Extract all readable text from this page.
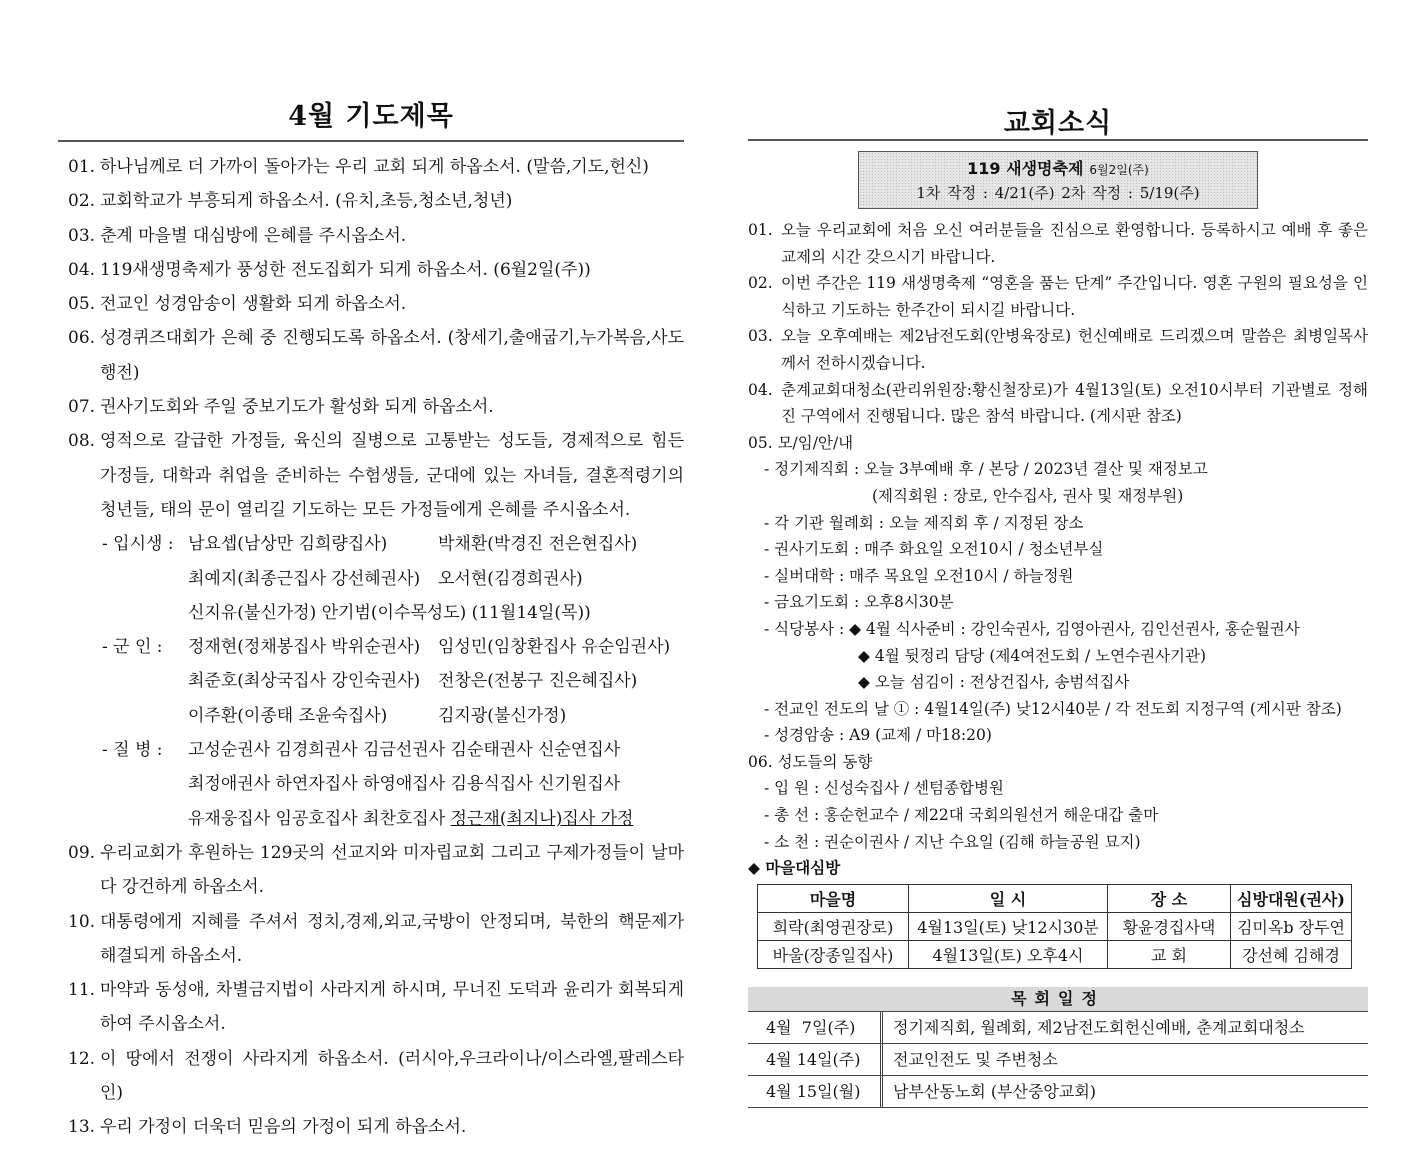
4월 기도제목
01. 하나님께로 더 가까이 돌아가는 우리 교회 되게 하옵소서. (말씀,기도,헌신)
02. 교회학교가 부흥되게 하옵소서. (유치,초등,청소년,청년)
03. 춘계 마을별 대심방에 은혜를 주시옵소서.
04. 119새생명축제가 풍성한 전도집회가 되게 하옵소서. (6월2일(주))
05. 전교인 성경암송이 생활화 되게 하옵소서.
06. 성경퀴즈대회가 은혜 중 진행되도록 하옵소서. (창세기,출애굽기,누가복음,사도행전)
07. 권사기도회와 주일 중보기도가 활성화 되게 하옵소서.
08. 영적으로 갈급한 가정들, 육신의 질병으로 고통받는 성도들, 경제적으로 힘든 가정들, 대학과 취업을 준비하는 수험생들, 군대에 있는 자녀들, 결혼적령기의 청년들, 태의 문이 열리길 기도하는 모든 가정들에게 은혜를 주시옵소서.
- 입시생 : 남요셉(남상만 김희량집사)	박채환(박경진 전은현집사)
최예지(최종근집사 강선혜권사)	오서현(김경희권사)
신지유(불신가정) 안기범(이수목성도) (11월14일(목))
- 군 인 :	정재현(정채봉집사 박위순권사)	임성민(임창환집사 유순임권사)
최준호(최상국집사 강인숙권사)	전창은(전봉구 진은혜집사)
이주환(이종태 조윤숙집사)	김지광(불신가정)
- 질 병 :	고성순권사 김경희권사 김금선권사 김순태권사 신순연집사
최정애권사 하연자집사 하영애집사 김용식집사 신기원집사
유재웅집사 임공호집사 최찬호집사 정근재(최지나)집사 가정
09. 우리교회가 후원하는 129곳의 선교지와 미자립교회 그리고 구제가정들이 날마다 강건하게 하옵소서.
10. 대통령에게 지혜를 주셔서 정치,경제,외교,국방이 안정되며, 북한의 핵문제가 해결되게 하옵소서.
11. 마약과 동성애, 차별금지법이 사라지게 하시며, 무너진 도덕과 윤리가 회복되게 하여 주시옵소서.
12. 이 땅에서 전쟁이 사라지게 하옵소서. (러시아,우크라이나/이스라엘,팔레스타인)
13. 우리 가정이 더욱더 믿음의 가정이 되게 하옵소서.
교회소식
119 새생명축제 6월2일(주)
1차 작정 : 4/21(주) 2차 작정 : 5/19(주)
01. 오늘 우리교회에 처음 오신 여러분들을 진심으로 환영합니다. 등록하시고 예배 후 좋은교제의 시간 갖으시기 바랍니다.
02. 이번 주간은 119 새생명축제 “영혼을 품는 단계” 주간입니다. 영혼 구원의 필요성을 인식하고 기도하는 한주간이 되시길 바랍니다.
03. 오늘 오후예배는 제2남전도회(안병육장로) 헌신예배로 드리겠으며 말씀은 최병일목사께서 전하시겠습니다.
04. 춘계교회대청소(관리위원장:황신철장로)가 4월13일(토) 오전10시부터 기관별로 정해진 구역에서 진행됩니다. 많은 참석 바랍니다. (게시판 참조)
05. 모/임/안/내
- 정기제직회 : 오늘 3부예배 후 / 본당 / 2023년 결산 및 재정보고
(제직회원 : 장로, 안수집사, 권사 및 재정부원)
- 각 기관 월례회 : 오늘 제직회 후 / 지정된 장소
- 권사기도회 : 매주 화요일 오전10시 / 청소년부실
- 실버대학 : 매주 목요일 오전10시 / 하늘정원
- 금요기도회 : 오후8시30분
- 식당봉사 : ◆ 4월 식사준비 : 강인숙권사, 김영아권사, 김인선권사, 홍순월권사
◆ 4월 뒷정리 담당 (제4여전도회 / 노연수권사기관)
◆ 오늘 섬김이 : 전상건집사, 송범석집사
- 전교인 전도의 날 ① : 4월14일(주) 낮12시40분 / 각 전도회 지정구역 (게시판 참조)
- 성경암송 : A9 (교제 / 마18:20)
06. 성도들의 동향
- 입 원 : 신성숙집사 / 센텀종합병원
- 총 선 : 홍순헌교수 / 제22대 국회의원선거 해운대갑 출마
- 소 천 : 권순이권사 / 지난 수요일 (김해 하늘공원 묘지)
◆ 마을대심방
마을명	일 시	장 소	심방대원(권사)
희락(최영권장로)	4월13일(토) 낮12시30분	황윤경집사댁	김미옥b 장두연
바울(장종일집사)	4월13일(토) 오후4시	교 회	강선혜 김해경
목회일정
4월  7일(주)	정기제직회, 월례회, 제2남전도회헌신예배, 춘계교회대청소
4월 14일(주)	전교인전도 및 주변청소
4월 15일(월)	남부산동노회 (부산중앙교회)
